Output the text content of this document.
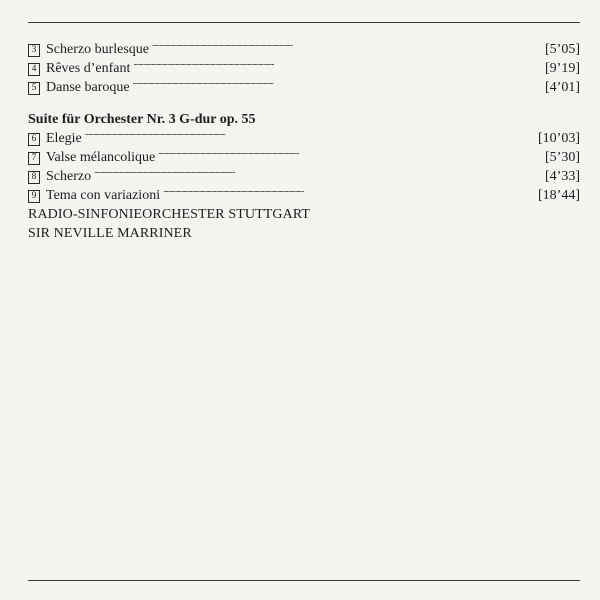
3 Scherzo burlesque . . .	[5’05]
4 Rêves d’enfant . . .	[9’19]
5 Danse baroque . . .	[4’01]
Suite für Orchester Nr. 3 G-dur op. 55
6 Elegie . . .	[10’03]
7 Valse mélancolique . . .	[5’30]
8 Scherzo . . .	[4’33]
9 Tema con variazioni . . .	[18’44]
RADIO-SINFONIEORCHESTER STUTTGART
SIR NEVILLE MARRINER
